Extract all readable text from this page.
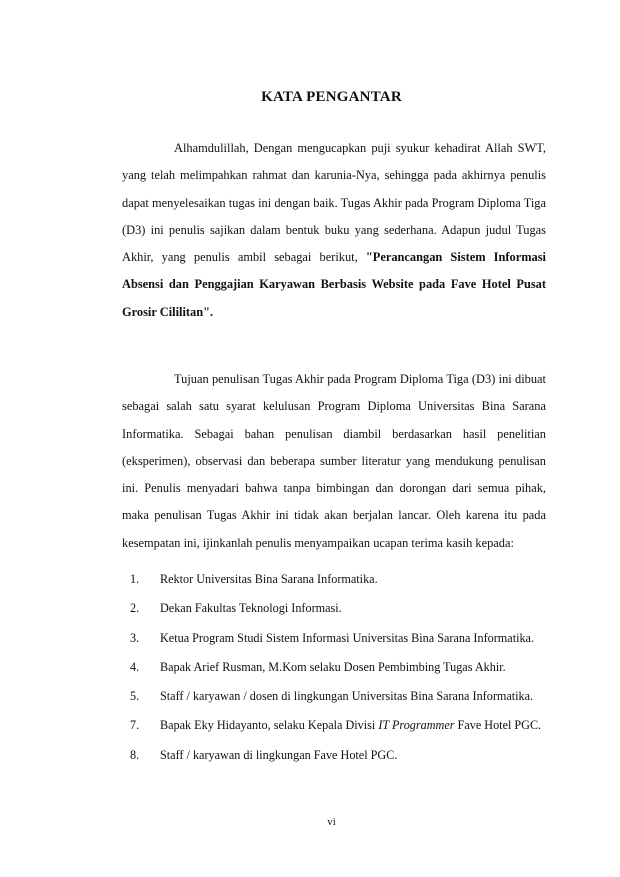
KATA PENGANTAR
Alhamdulillah, Dengan mengucapkan puji syukur kehadirat Allah SWT, yang telah melimpahkan rahmat dan karunia-Nya, sehingga pada akhirnya penulis dapat menyelesaikan tugas ini dengan baik. Tugas Akhir pada Program Diploma Tiga (D3) ini penulis sajikan dalam bentuk buku yang sederhana. Adapun judul Tugas Akhir, yang penulis ambil sebagai berikut, "Perancangan Sistem Informasi Absensi dan Penggajian Karyawan Berbasis Website pada Fave Hotel Pusat Grosir Cililitan".
Tujuan penulisan Tugas Akhir pada Program Diploma Tiga (D3) ini dibuat sebagai salah satu syarat kelulusan Program Diploma Universitas Bina Sarana Informatika. Sebagai bahan penulisan diambil berdasarkan hasil penelitian (eksperimen), observasi dan beberapa sumber literatur yang mendukung penulisan ini. Penulis menyadari bahwa tanpa bimbingan dan dorongan dari semua pihak, maka penulisan Tugas Akhir ini tidak akan berjalan lancar. Oleh karena itu pada kesempatan ini, ijinkanlah penulis menyampaikan ucapan terima kasih kepada:
1. Rektor Universitas Bina Sarana Informatika.
2. Dekan Fakultas Teknologi Informasi.
3. Ketua Program Studi Sistem Informasi Universitas Bina Sarana Informatika.
4. Bapak Arief Rusman, M.Kom selaku Dosen Pembimbing Tugas Akhir.
5. Staff / karyawan / dosen di lingkungan Universitas Bina Sarana Informatika.
7. Bapak Eky Hidayanto, selaku Kepala Divisi IT Programmer Fave Hotel PGC.
8. Staff / karyawan di lingkungan Fave Hotel PGC.
vi
